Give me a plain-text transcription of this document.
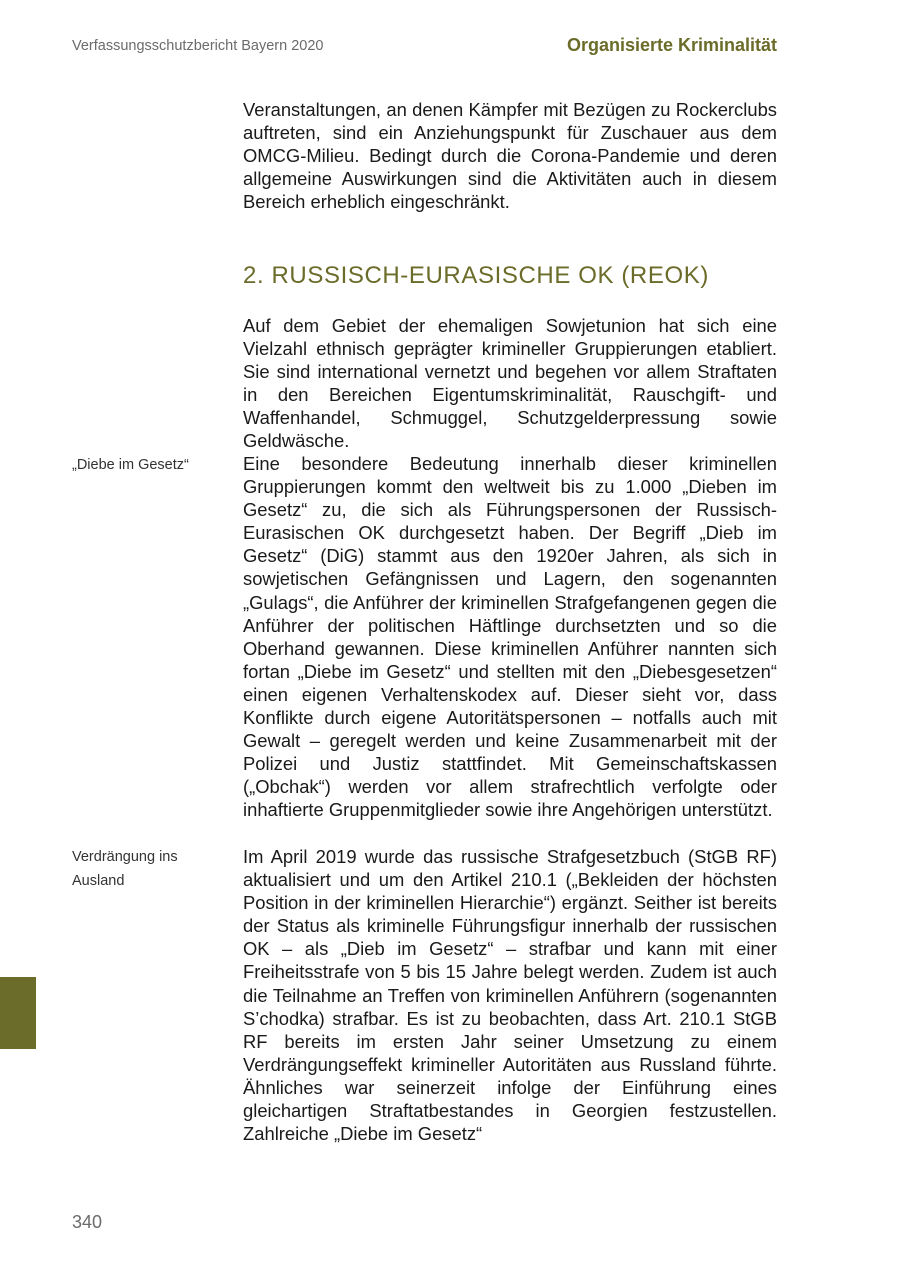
Verfassungsschutzbericht Bayern 2020	Organisierte Kriminalität
Veranstaltungen, an denen Kämpfer mit Bezügen zu Rockerclubs auftreten, sind ein Anziehungspunkt für Zuschauer aus dem OMCG-Milieu. Bedingt durch die Corona-Pandemie und deren allgemeine Auswirkungen sind die Aktivitäten auch in diesem Bereich erheblich eingeschränkt.
2. RUSSISCH-EURASISCHE OK (REOK)
Auf dem Gebiet der ehemaligen Sowjetunion hat sich eine Vielzahl ethnisch geprägter krimineller Gruppierungen etabliert. Sie sind international vernetzt und begehen vor allem Straftaten in den Bereichen Eigentumskriminalität, Rauschgift- und Waffenhandel, Schmuggel, Schutzgelderpressung sowie Geldwäsche.
„Diebe im Gesetz“	Eine besondere Bedeutung innerhalb dieser kriminellen Gruppierungen kommt den weltweit bis zu 1.000 „Dieben im Gesetz“ zu, die sich als Führungspersonen der Russisch-Eurasischen OK durchgesetzt haben. Der Begriff „Dieb im Gesetz“ (DiG) stammt aus den 1920er Jahren, als sich in sowjetischen Gefängnissen und Lagern, den sogenannten „Gulags“, die Anführer der kriminellen Strafgefangenen gegen die Anführer der politischen Häftlinge durchsetzten und so die Oberhand gewannen. Diese kriminellen Anführer nannten sich fortan „Diebe im Gesetz“ und stellten mit den „Diebesgesetzen“ einen eigenen Verhaltenskodex auf. Dieser sieht vor, dass Konflikte durch eigene Autoritätspersonen – notfalls auch mit Gewalt – geregelt werden und keine Zusammenarbeit mit der Polizei und Justiz stattfindet. Mit Gemeinschaftskassen („Obchak“) werden vor allem strafrechtlich verfolgte oder inhaftierte Gruppenmitglieder sowie ihre Angehörigen unterstützt.
Verdrängung ins Ausland
Im April 2019 wurde das russische Strafgesetzbuch (StGB RF) aktualisiert und um den Artikel 210.1 („Bekleiden der höchsten Position in der kriminellen Hierarchie“) ergänzt. Seither ist bereits der Status als kriminelle Führungsfigur innerhalb der russischen OK – als „Dieb im Gesetz“ – strafbar und kann mit einer Freiheitsstrafe von 5 bis 15 Jahre belegt werden. Zudem ist auch die Teilnahme an Treffen von kriminellen Anführern (sogenannten S’chodka) strafbar. Es ist zu beobachten, dass Art. 210.1 StGB RF bereits im ersten Jahr seiner Umsetzung zu einem Verdrängungseffekt krimineller Autoritäten aus Russland führte. Ähnliches war seinerzeit infolge der Einführung eines gleichartigen Straftatbestandes in Georgien festzustellen. Zahlreiche „Diebe im Gesetz“
340
